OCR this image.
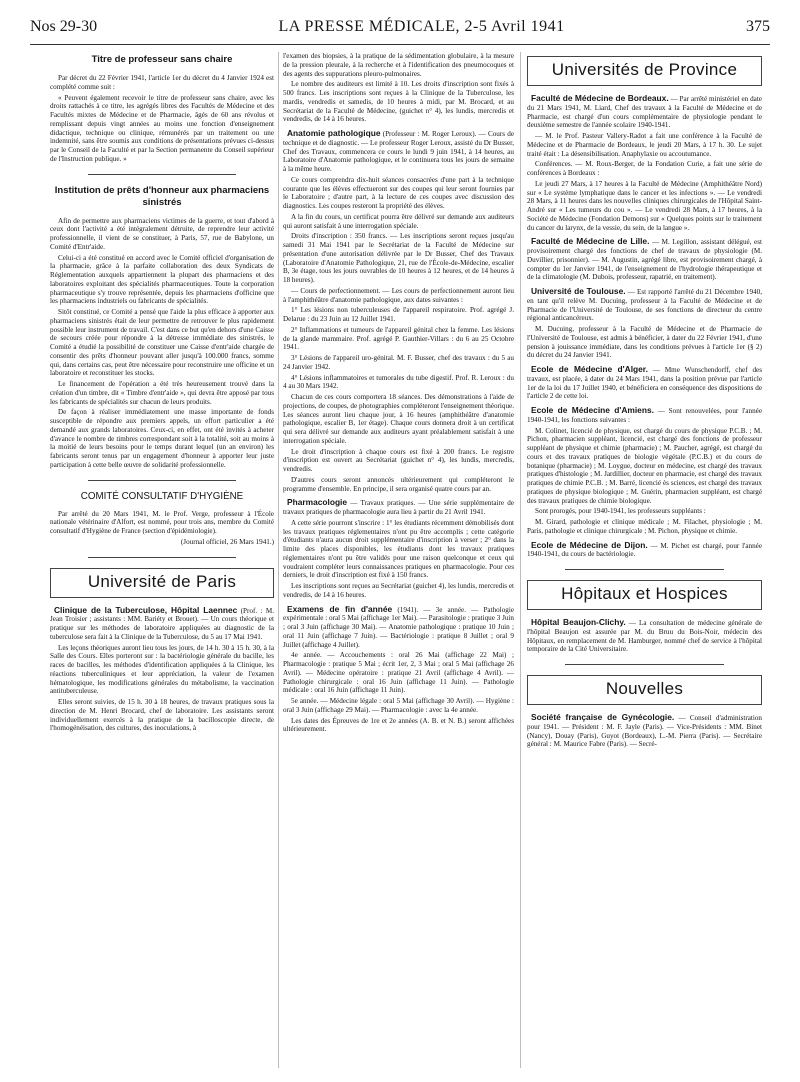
Nos 29-30	LA PRESSE MÉDICALE, 2-5 Avril 1941	375
Titre de professeur sans chaire

Par décret du 22 Février 1941, l'article 1er du décret du 4 Janvier 1924 est complété comme suit :

« Peuvent également recevoir le titre de professeur sans chaire, avec les droits rattachés à ce titre, les agrégés libres des Facultés de Médecine et des Facultés mixtes de Médecine et de Pharmacie, âgés de 60 ans révolus et remplissant depuis vingt années au moins une fonction d'enseignement didactique, technique ou clinique, rémunérés par un traitement ou une indemnité, sans être soumis aux conditions de présentations prévues ci-dessus par le Conseil de la Faculté et par la Section permanente du Conseil supérieur de l'Instruction publique. »

Institution de prêts d'honneur aux pharmaciens sinistrés

Afin de permettre aux pharmaciens victimes de la guerre, et tout d'abord à ceux dont l'activité a été intégralement détruite, de reprendre leur activité professionnelle, il vient de se constituer, à Paris, 57, rue de Babylone, un Comité d'Entr'aide.

Celui-ci a été constitué en accord avec le Comité officiel d'organisation de la pharmacie, grâce à la parfaite collaboration des deux Syndicats de Réglementation auxquels appartiennent la plupart des pharmaciens et des laboratoires exploitant des spécialités pharmaceutiques. Toute la corporation pharmaceutique s'y trouve représentée, depuis les pharmaciens d'officine que les pharmaciens industriels ou fabricants de spécialités.

Sitôt constitué, ce Comité a pensé que l'aide la plus efficace à apporter aux pharmaciens sinistrés était de leur permettre de retrouver le plus rapidement possible leur instrument de travail. C'est dans ce but qu'en dehors d'une Caisse de secours créée pour répondre à la détresse immédiate des sinistrés, le Comité a étudié la possibilité de constituer une Caisse d'entr'aide chargée de consentir des prêts d'honneur pouvant aller jusqu'à 100.000 francs, somme qui, dans certains cas, peut être nécessaire pour reconstruire une officine et un laboratoire et reconstituer les stocks.

Le financement de l'opération a été très heureusement trouvé dans la création d'un timbre, dit « Timbre d'entr'aide », qui devra être apposé par tous les fabricants de spécialités sur chacun de leurs produits.

De façon à réaliser immédiatement une masse importante de fonds susceptible de répondre aux premiers appels, un effort particulier a été demandé aux grands laboratoires. Ceux-ci, en effet, ont été invités à acheter d'avance le nombre de timbres correspondant soit à la totalité, soit au moins à la moitié de leurs besoins pour le temps durant lequel (un an environ) les fabricants seront tenus par un engagement d'honneur à apporter leur juste participation à cette belle œuvre de solidarité professionnelle.

COMITÉ CONSULTATIF D'HYGIÈNE

Par arrêté du 20 Mars 1941, M. le Prof. Verge, professeur à l'École nationale vétérinaire d'Alfort, est nommé, pour trois ans, membre du Comité consultatif d'Hygiène de France (section d'épidémiologie).

(Journal officiel, 26 Mars 1941.)

Université de Paris

Clinique de la Tuberculose, Hôpital Laennec (Prof. : M. Jean Troisier ; assistants : MM. Bariéty et Brouet). — Un cours théorique et pratique sur les méthodes de laboratoire appliquées au diagnostic de la tuberculose sera fait à la Clinique de la Tuberculose, du 5 au 17 Mai 1941.

Les leçons théoriques auront lieu tous les jours, de 14 h. 30 à 15 h. 30, à la Salle des Cours. Elles porteront sur : la bactériologie générale du bacille, les races de bacilles, les méthodes d'identification appliquées à la Clinique, les réactions tuberculiniques et leur appréciation, la valeur de l'examen hématologique, les modifications générales du métabolisme, la vaccination antituberculeuse.

Elles seront suivies, de 15 h. 30 à 18 heures, de travaux pratiques sous la direction de M. Henri Brocard, chef de laboratoire. Les assistants seront individuellement exercés à la pratique de la bacilloscopie directe, de l'homogénéisation, des cultures, des inoculations, à

l'examen des biopsies, à la pratique de la sédimentation globulaire, à la mesure de la pression pleurale, à la recherche et à l'identification des pneumocoques et des agents des suppurations pleuro-pulmonaires.

Le nombre des auditeurs est limité à 10. Les droits d'inscription sont fixés à 500 francs. Les inscriptions sont reçues à la Clinique de la Tuberculose, les mardis, vendredis et samedis, de 10 heures à midi, par M. Brocard, et au Secrétariat de la Faculté de Médecine, (guichet n° 4), les lundis, mercredis et vendredis, de 14 à 16 heures.

Anatomie pathologique (Professeur : M. Roger Leroux). — Cours de technique et de diagnostic. — Le professeur Roger Leroux, assisté du Dr Busser, Chef des Travaux, commencera ce cours le lundi 9 juin 1941, à 14 heures, au Laboratoire d'Anatomie pathologique, et le continuera tous les jours de semaine à la même heure.

Ce cours comprendra dix-huit séances consacrées d'une part à la technique courante que les élèves effectueront sur des coupes qui leur seront fournies par le Laboratoire ; d'autre part, à la lecture de ces coupes avec discussion des diagnostics. Les coupes resteront la propriété des élèves.

A la fin du cours, un certificat pourra être délivré sur demande aux auditeurs qui auront satisfait à une interrogation spéciale.

Droits d'inscription : 350 francs. — Les inscriptions seront reçues jusqu'au samedi 31 Mai 1941 par le Secrétariat de la Faculté de Médecine sur présentation d'une autorisation délivrée par le Dr Busser, Chef des Travaux (Laboratoire d'Anatomie Pathologique, 21, rue de l'École-de-Médecine, escalier B, 3e étage, tous les jours ouvrables de 10 heures à 12 heures, et de 14 heures à 18 heures).

— Cours de perfectionnement. — Les cours de perfectionnement auront lieu à l'amphithéâtre d'anatomie pathologique, aux dates suivantes :

1° Les lésions non tuberculeuses de l'appareil respiratoire. Prof. agrégé J. Delarue : du 23 Juin au 12 Juillet 1941.

2° Inflammations et tumeurs de l'appareil génital chez la femme. Les lésions de la glande mammaire. Prof. agrégé P. Gauthier-Villars : du 6 au 25 Octobre 1941.

3° Lésions de l'appareil uro-génital. M. F. Busser, chef des travaux : du 5 au 24 Janvier 1942.

4° Lésions inflammatoires et tumorales du tube digestif. Prof. R. Leroux : du 4 au 30 Mars 1942.

Chacun de ces cours comportera 18 séances. Des démonstrations à l'aide de projections, de coupes, de photographies compléteront l'enseignement théorique. Les séances auront lieu chaque jour, à 16 heures (amphithéâtre d'anatomie pathologique, escalier B, 1er étage). Chaque cours donnera droit à un certificat qui sera délivré sur demande aux auditeurs ayant préalablement satisfait à une interrogation spéciale.

Le droit d'inscription à chaque cours est fixé à 200 francs. Le registre d'inscription est ouvert au Secrétariat (guichet n° 4), les lundis, mercredis, vendredis.

D'autres cours seront annoncés ultérieurement qui compléteront le programme d'ensemble. En principe, il sera organisé quatre cours par an.

Pharmacologie — Travaux pratiques. — Une série supplémentaire de travaux pratiques de pharmacologie aura lieu à partir du 21 Avril 1941.

A cette série pourront s'inscrire : 1° les étudiants récemment démobilisés dont les travaux pratiques réglementaires n'ont pu être accomplis ; cette catégorie d'étudiants n'aura aucun droit supplémentaire d'inscription à verser ; 2° dans la limite des places disponibles, les étudiants dont les travaux pratiques réglementaires n'ont pu être validés pour une raison quelconque et ceux qui voudraient compléter leurs connaissances pratiques en pharmacologie. Pour ces derniers, le droit d'inscription est fixé à 150 francs.

Les inscriptions sont reçues au Secrétariat (guichet 4), les lundis, mercredis et vendredis, de 14 à 16 heures.

Examens de fin d'année (1941). — 3e année. — Pathologie expérimentale : oral 5 Mai (affichage 1er Mai). — Parasitologie : pratique 3 Juin ; oral 3 Juin (affichage 30 Mai). — Anatomie pathologique : pratique 10 Juin ; oral 11 Juin (affichage 7 Juin). — Bactériologie : pratique 8 Juillet ; oral 9 Juillet (affichage 4 Juillet).

4e année. — Accouchements : oral 26 Mai (affichage 22 Mai) ; Pharmacologie : pratique 5 Mai ; écrit 1er, 2, 3 Mai ; oral 5 Mai (affichage 26 Avril). — Médecine opératoire : pratique 21 Avril (affichage 4 Avril). — Pathologie chirurgicale : oral 16 Juin (affichage 11 Juin). — Pathologie médicale : oral 16 Juin (affichage 11 Juin).

5e année. — Médecine légale : oral 5 Mai (affichage 30 Avril). — Hygiène : oral 3 Juin (affichage 29 Mai). — Pharmacologie : avec la 4e année.

Les dates des Épreuves de 1re et 2e années (A. B. et N. B.) seront affichées ultérieurement.

Universités de Province

Faculté de Médecine de Bordeaux. — Par arrêté ministériel en date du 21 Mars 1941, M. Liard, Chef des travaux à la Faculté de Médecine et de Pharmacie, est chargé d'un cours complémentaire de physiologie pendant le deuxième semestre de l'année scolaire 1940-1941.

— M. le Prof. Pasteur Vallery-Radot a fait une conférence à la Faculté de Médecine et de Pharmacie de Bordeaux, le jeudi 20 Mars, à 17 h. 30. Le sujet traité était : La désensibilisation. Anaphylaxie ou accoutumance.

Conférences. — M. Roux-Berger, de la Fondation Curie, a fait une série de conférences à Bordeaux :

Le jeudi 27 Mars, à 17 heures à la Faculté de Médecine (Amphithéâtre Nord) sur « Le système lymphatique dans le cancer et les infections ». — Le vendredi 28 Mars, à 11 heures dans les nouvelles cliniques chirurgicales de l'Hôpital Saint-André sur « Les tumeurs du cou ». — Le vendredi 28 Mars, à 17 heures, à la Société de Médecine (Fondation Demons) sur « Quelques points sur le traitement du cancer du larynx, de la vessie, du sein, de la langue ».

Faculté de Médecine de Lille. — M. Legillon, assistant délégué, est provisoirement chargé des fonctions de chef de travaux de physiologie (M. Duvillier, prisonnier). — M. Augustin, agrégé libre, est provisoirement chargé, à compter du 1er Janvier 1941, de l'enseignement de l'hydrologie thérapeutique et de la climatologie (M. Dubois, professeur, rapatrié, en traitement).

Université de Toulouse. — Est rapporté l'arrêté du 21 Décembre 1940, en tant qu'il relève M. Ducuing, professeur à la Faculté de Médecine et de Pharmacie de l'Université de Toulouse, de ses fonctions de directeur du centre régional anticancéreux.

M. Ducuing, professeur à la Faculté de Médecine et de Pharmacie de l'Université de Toulouse, est admis à bénéficier, à dater du 22 Février 1941, d'une pension à jouissance immédiate, dans les conditions prévues à l'article 1er (§ 2) du décret du 24 Janvier 1941.

Ecole de Médecine d'Alger. — Mme Wunschendorff, chef des travaux, est placée, à dater du 24 Mars 1941, dans la position prévue par l'article 1er de la loi du 17 Juillet 1940, et bénéficiera en conséquence des dispositions de l'article 2 de cette loi.

Ecole de Médecine d'Amiens. — Sont renouvelées, pour l'année 1940-1941, les fonctions suivantes :

M. Colinet, licencié de physique, est chargé du cours de physique P.C.B. ; M. Pichon, pharmacien suppléant, licencié, est chargé des fonctions de professeur suppléant de physique et chimie (pharmacie) ; M. Paucher, agrégé, est chargé du cours et des travaux pratiques de biologie végétale (P.C.B.) et du cours de botanique (pharmacie) ; M. Loygue, docteur en médecine, est chargé des travaux pratiques d'histologie ; M. Jardillier, docteur en pharmacie, est chargé des travaux pratiques de chimie P.C.B. ; M. Barré, licencié ès sciences, est chargé des travaux pratiques de physique biologique ; M. Guérin, pharmacien suppléant, est chargé des travaux pratiques de chimie biologique.

Sont prorogés, pour 1940-1941, les professeurs suppléants :

M. Girard, pathologie et clinique médicale ; M. Filachet, physiologie ; M. Paris, pathologie et clinique chirurgicale ; M. Pichon, physique et chimie.

Ecole de Médecine de Dijon. — M. Pichet est chargé, pour l'année 1940-1941, du cours de bactériologie.

Hôpitaux et Hospices

Hôpital Beaujon-Clichy. — La consultation de médecine générale de l'hôpital Beaujon est assurée par M. du Bruu du Bois-Noir, médecin des Hôpitaux, en remplacement de M. Hamburger, nommé chef de service à l'hôpital temporaire de la Cité Universitaire.

Nouvelles

Société française de Gynécologie. — Conseil d'administration pour 1941. — Président : M. F. Jayle (Paris). — Vice-Présidents : MM. Binet (Nancy), Douay (Paris), Guyot (Bordeaux), L.-M. Pierra (Paris). — Secrétaire général : M. Maurice Fabre (Paris). — Secré-
